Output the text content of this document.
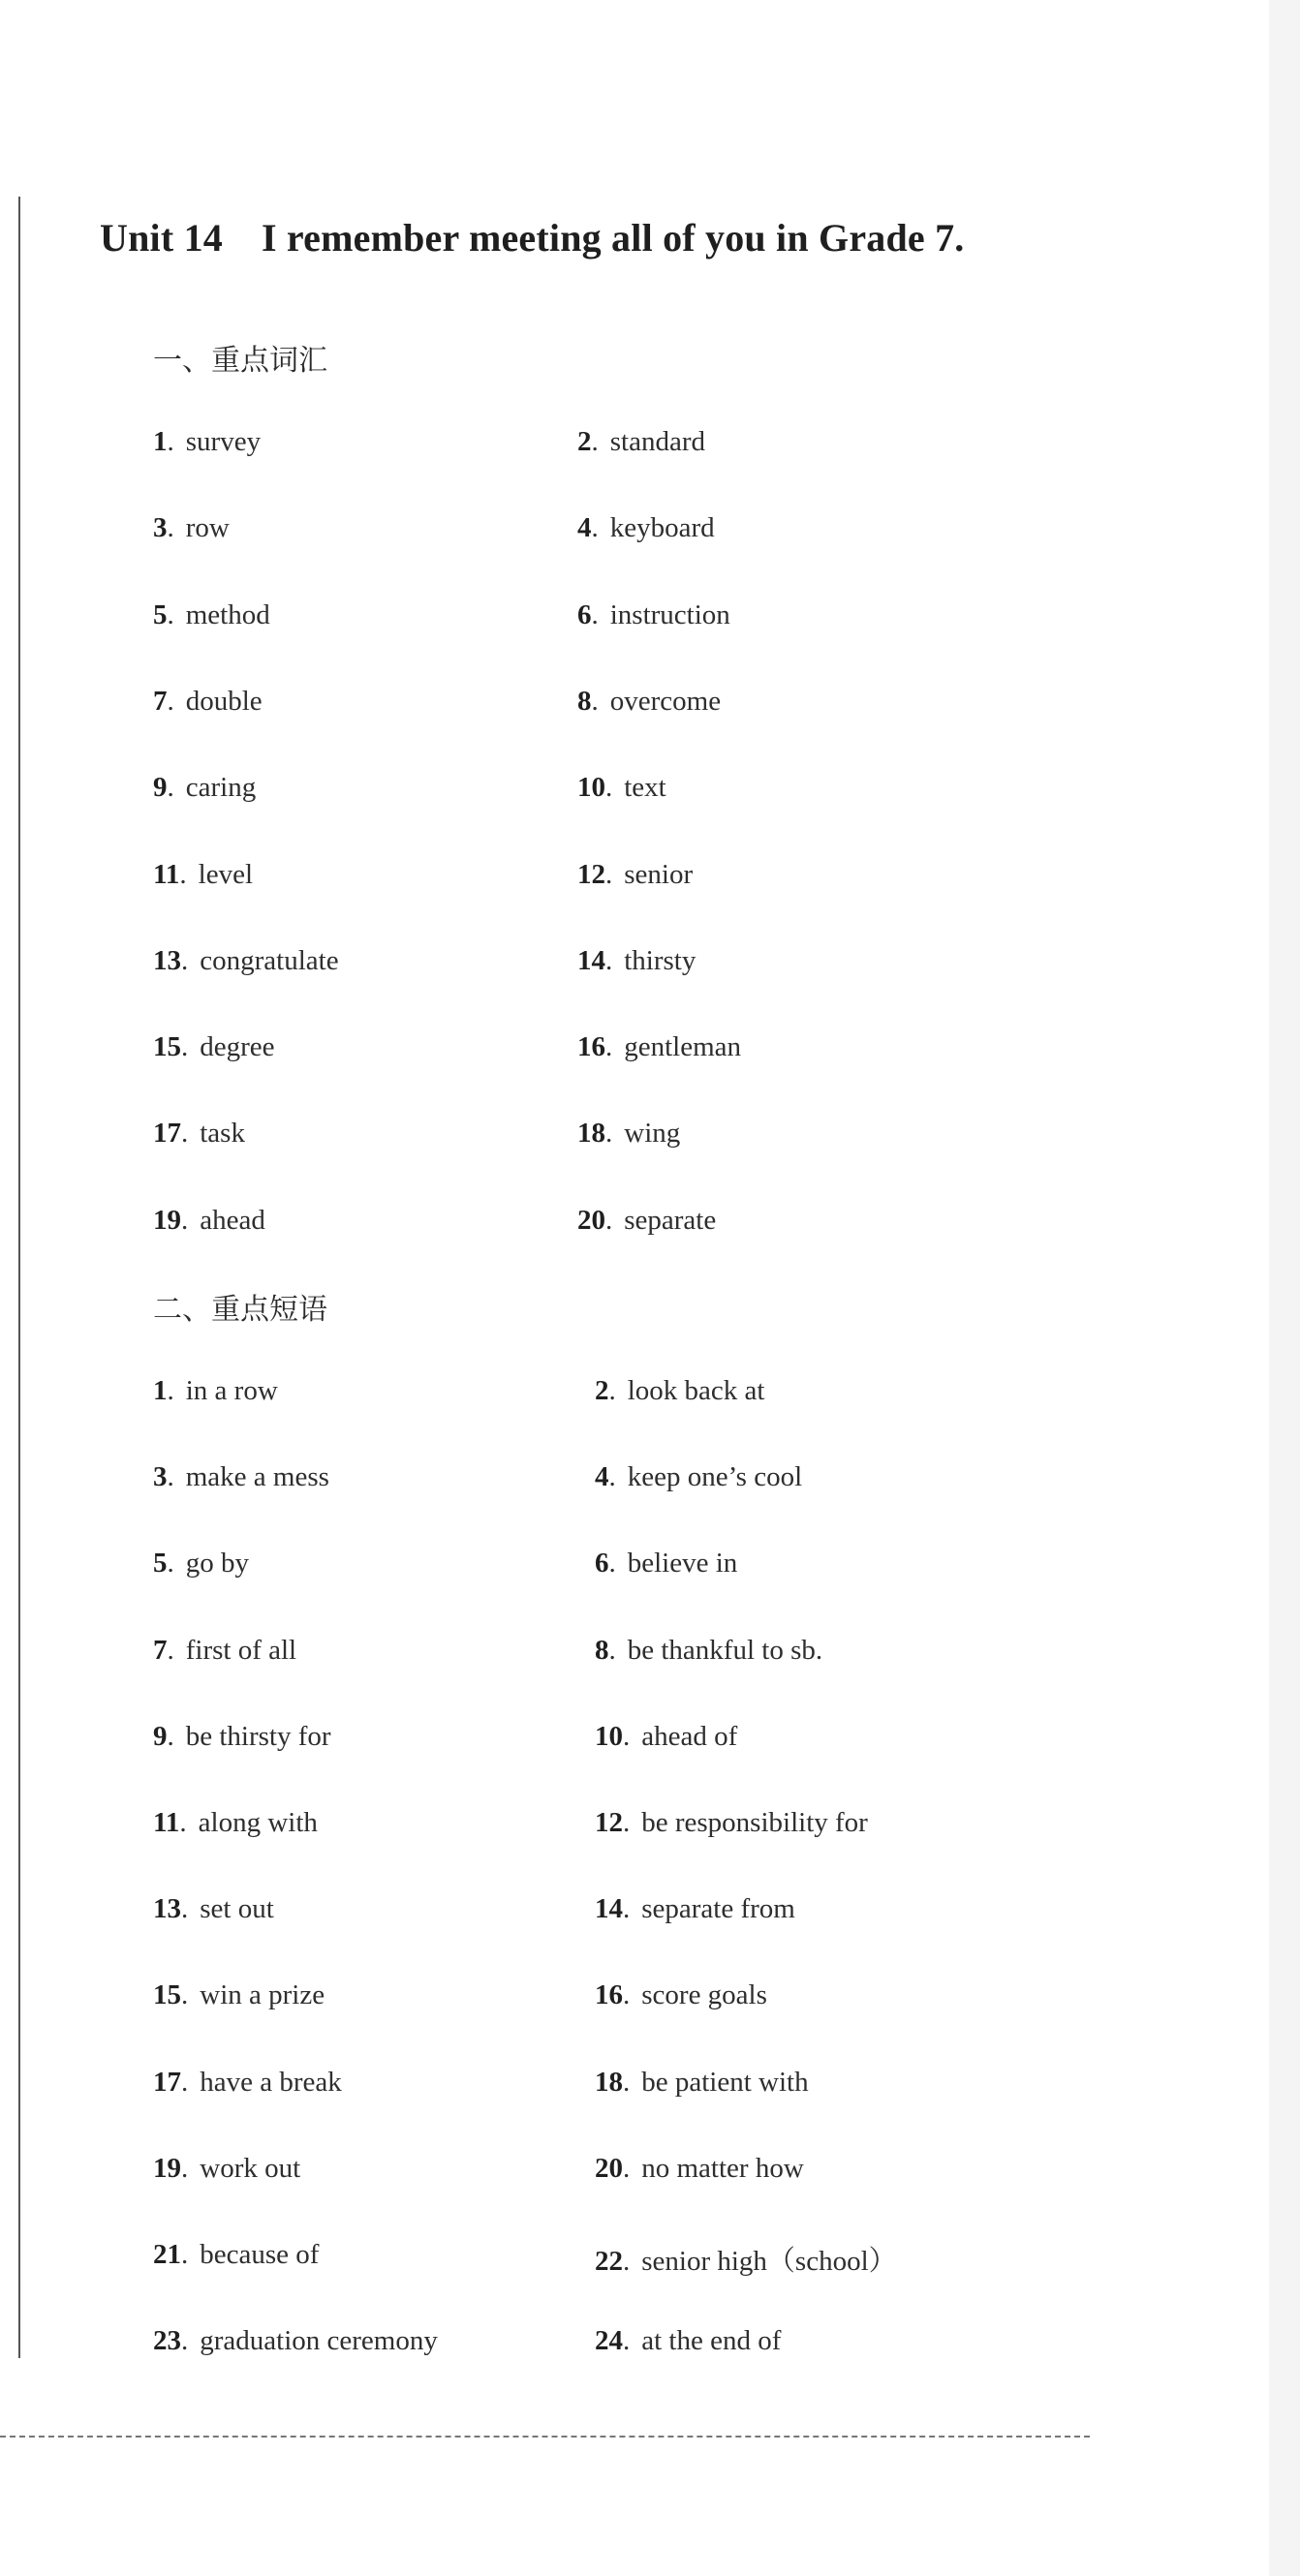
Unit 14 I remember meeting all of you in Grade 7.
一、重点词汇
1. survey	2. standard
3. row	4. keyboard
5. method	6. instruction
7. double	8. overcome
9. caring	10. text
11. level	12. senior
13. congratulate	14. thirsty
15. degree	16. gentleman
17. task	18. wing
19. ahead	20. separate
二、重点短语
1. in a row	2. look back at
3. make a mess	4. keep one’s cool
5. go by	6. believe in
7. first of all	8. be thankful to sb.
9. be thirsty for	10. ahead of
11. along with	12. be responsibility for
13. set out	14. separate from
15. win a prize	16. score goals
17. have a break	18. be patient with
19. work out	20. no matter how
21. because of	22. senior high（school）
23. graduation ceremony	24. at the end of
